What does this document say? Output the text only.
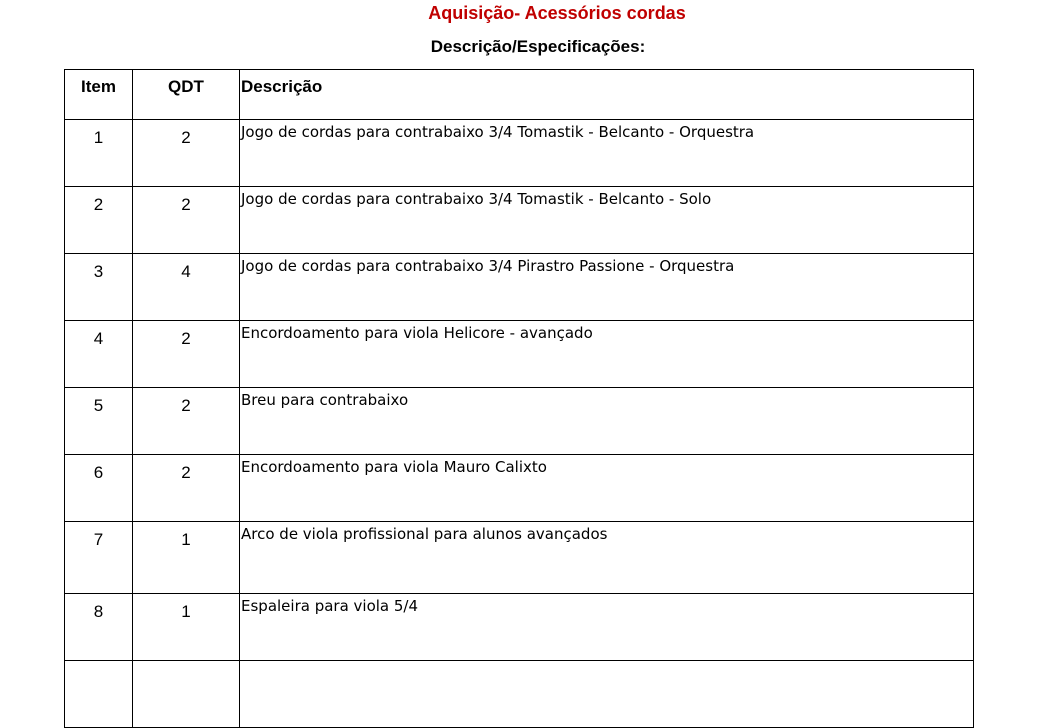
Aquisição- Acessórios cordas
Descrição/Especificações:
Item	QDT	Descrição
1	2	Jogo de cordas para contrabaixo 3/4 Tomastik - Belcanto - Orquestra
2	2	Jogo de cordas para contrabaixo 3/4 Tomastik - Belcanto - Solo
3	4	Jogo de cordas para contrabaixo 3/4 Pirastro Passione - Orquestra
4	2	Encordoamento para viola Helicore - avançado
5	2	Breu para contrabaixo
6	2	Encordoamento para viola Mauro Calixto
7	1	Arco de viola profissional para alunos avançados
8	1	Espaleira para viola 5/4
